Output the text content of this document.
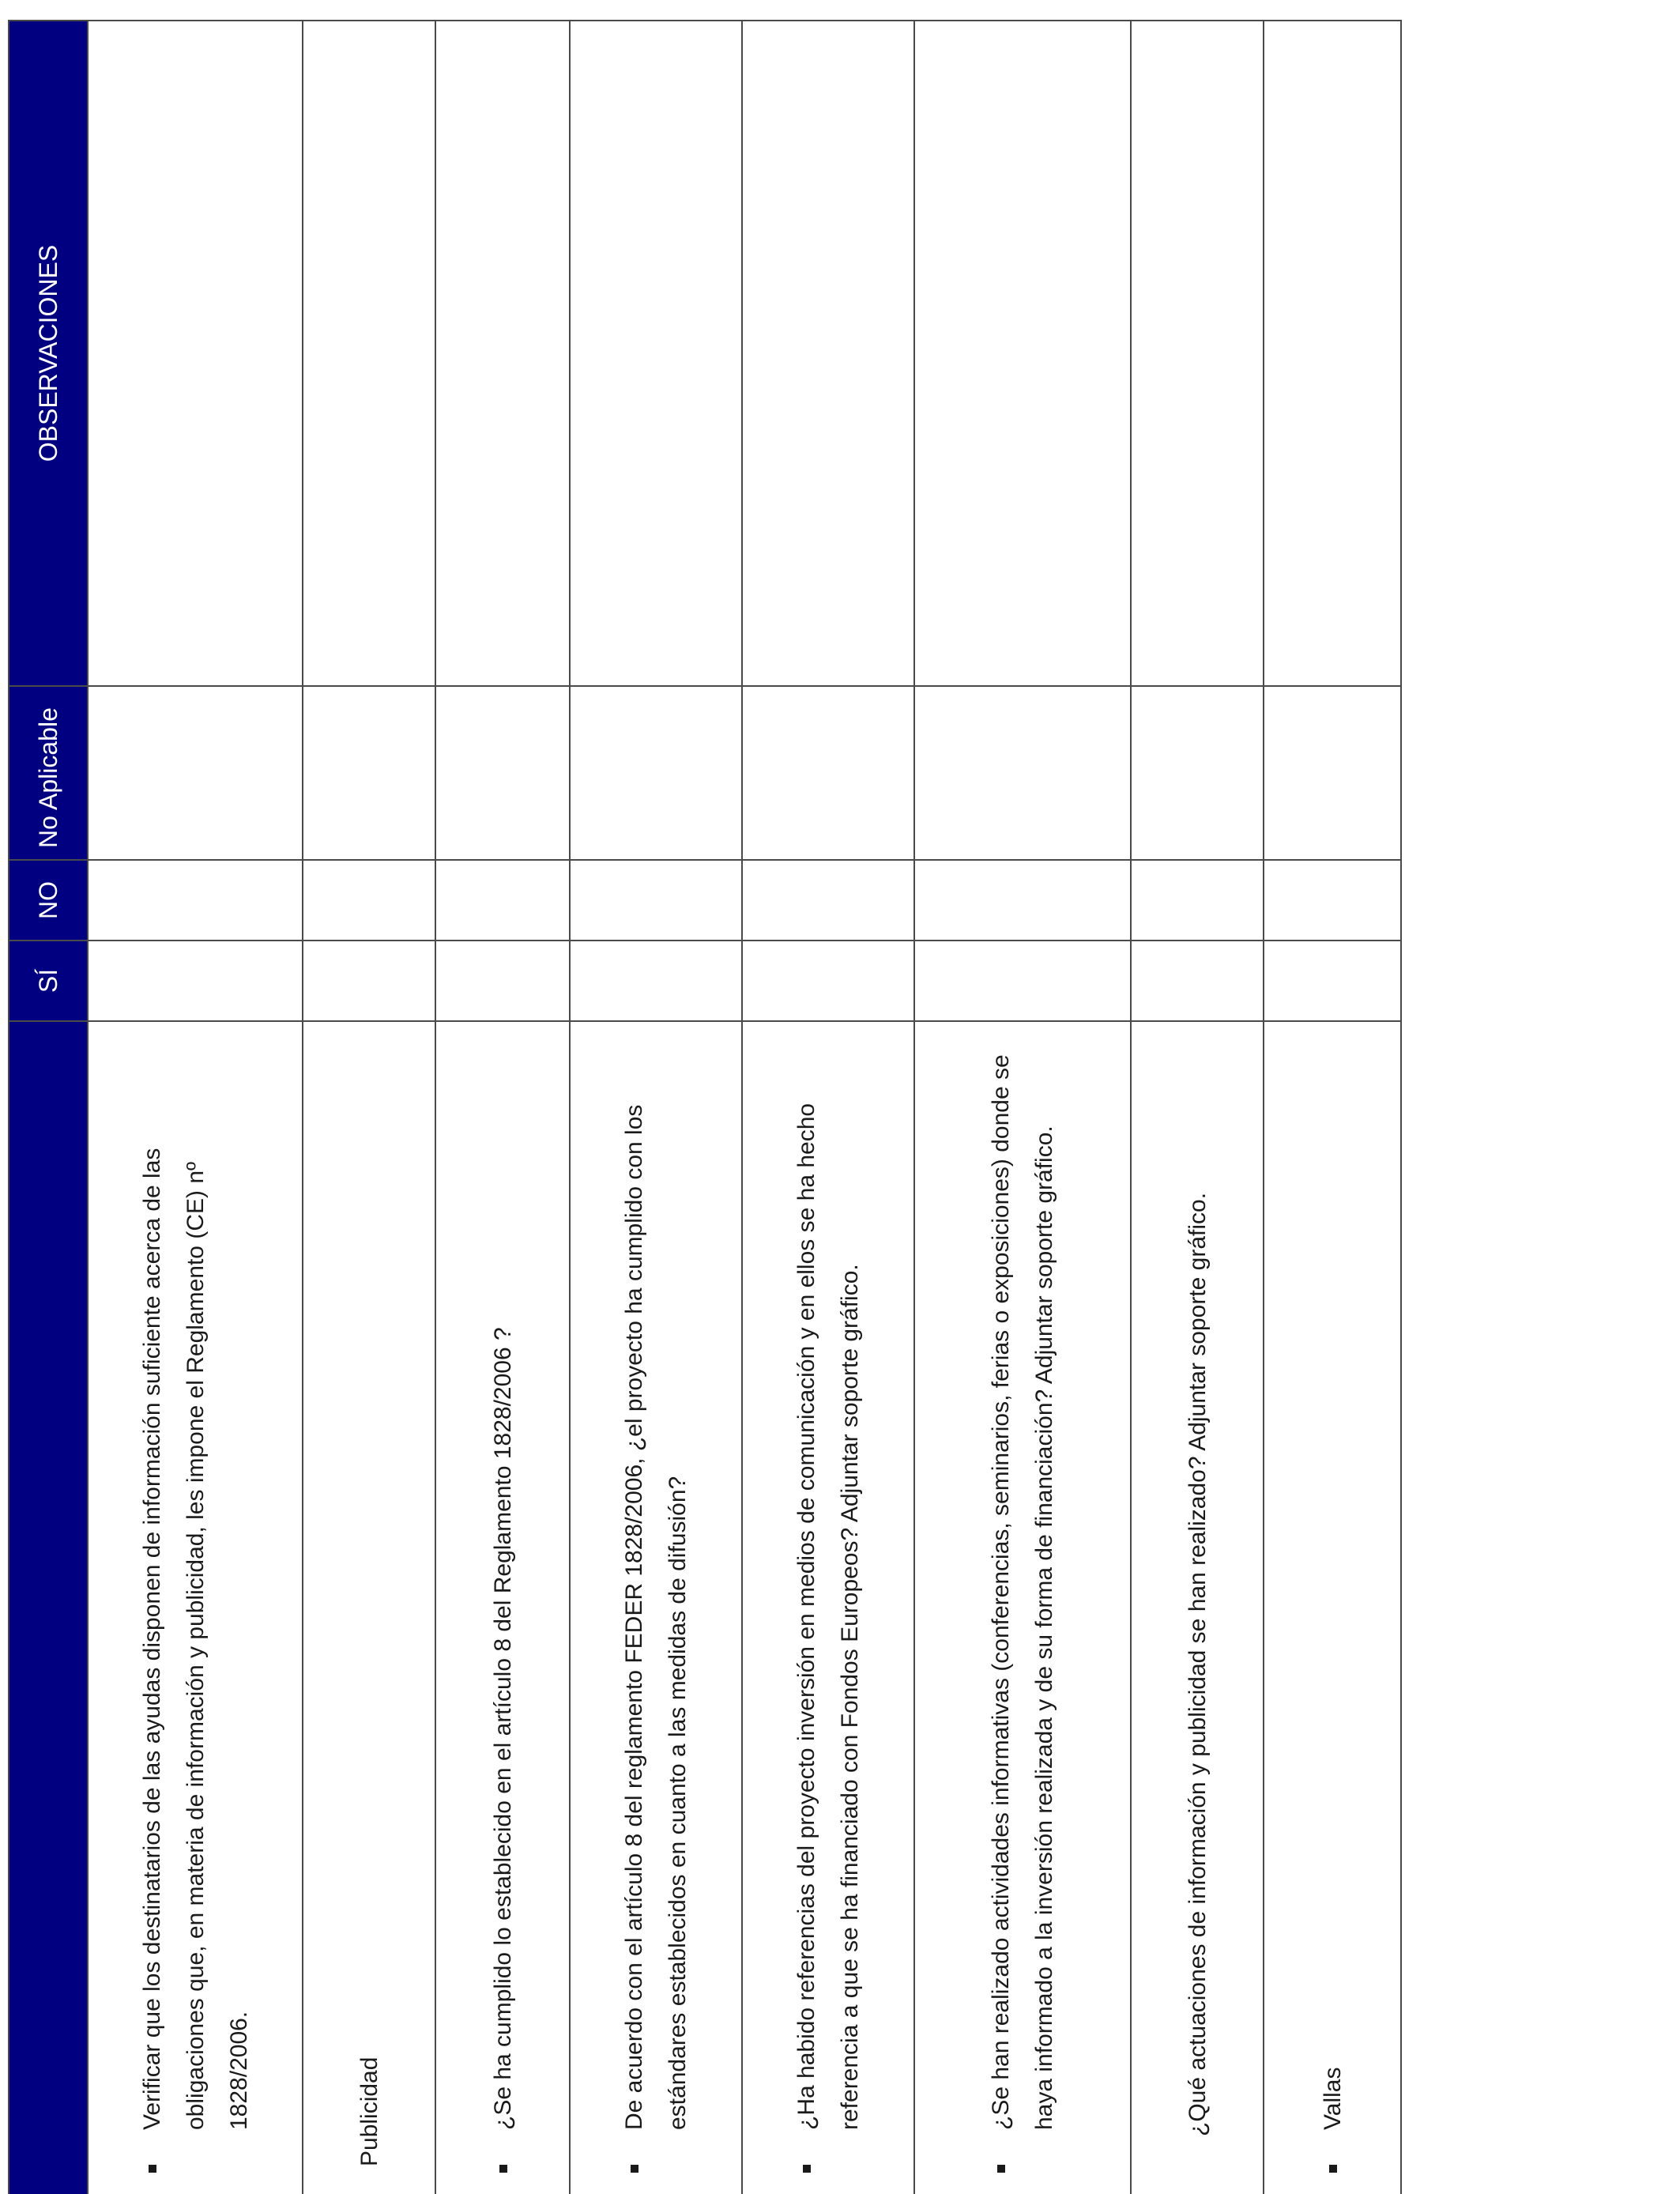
	SÍ	NO	No Aplicable	OBSERVACIONES

Verificar que los destinatarios de las ayudas disponen de información suficiente acerca de las obligaciones que, en materia de información y publicidad, les impone el Reglamento (CE) nº 1828/2006.				

Publicidad				

¿Se ha cumplido lo establecido en el artículo 8 del Reglamento 1828/2006 ?				

De acuerdo con el artículo 8 del reglamento FEDER 1828/2006, ¿el proyecto ha cumplido con los estándares establecidos en cuanto a las medidas de difusión?				

¿Ha habido referencias del proyecto inversión en medios de comunicación y en ellos se ha hecho referencia a que se ha financiado con Fondos Europeos? Adjuntar soporte gráfico.				

¿Se han realizado actividades informativas (conferencias, seminarios, ferias o exposiciones) donde se haya informado a la inversión realizada y de su forma de financiación? Adjuntar soporte gráfico.				

¿Qué actuaciones de información y publicidad se han realizado? Adjuntar soporte gráfico.				

Vallas				
